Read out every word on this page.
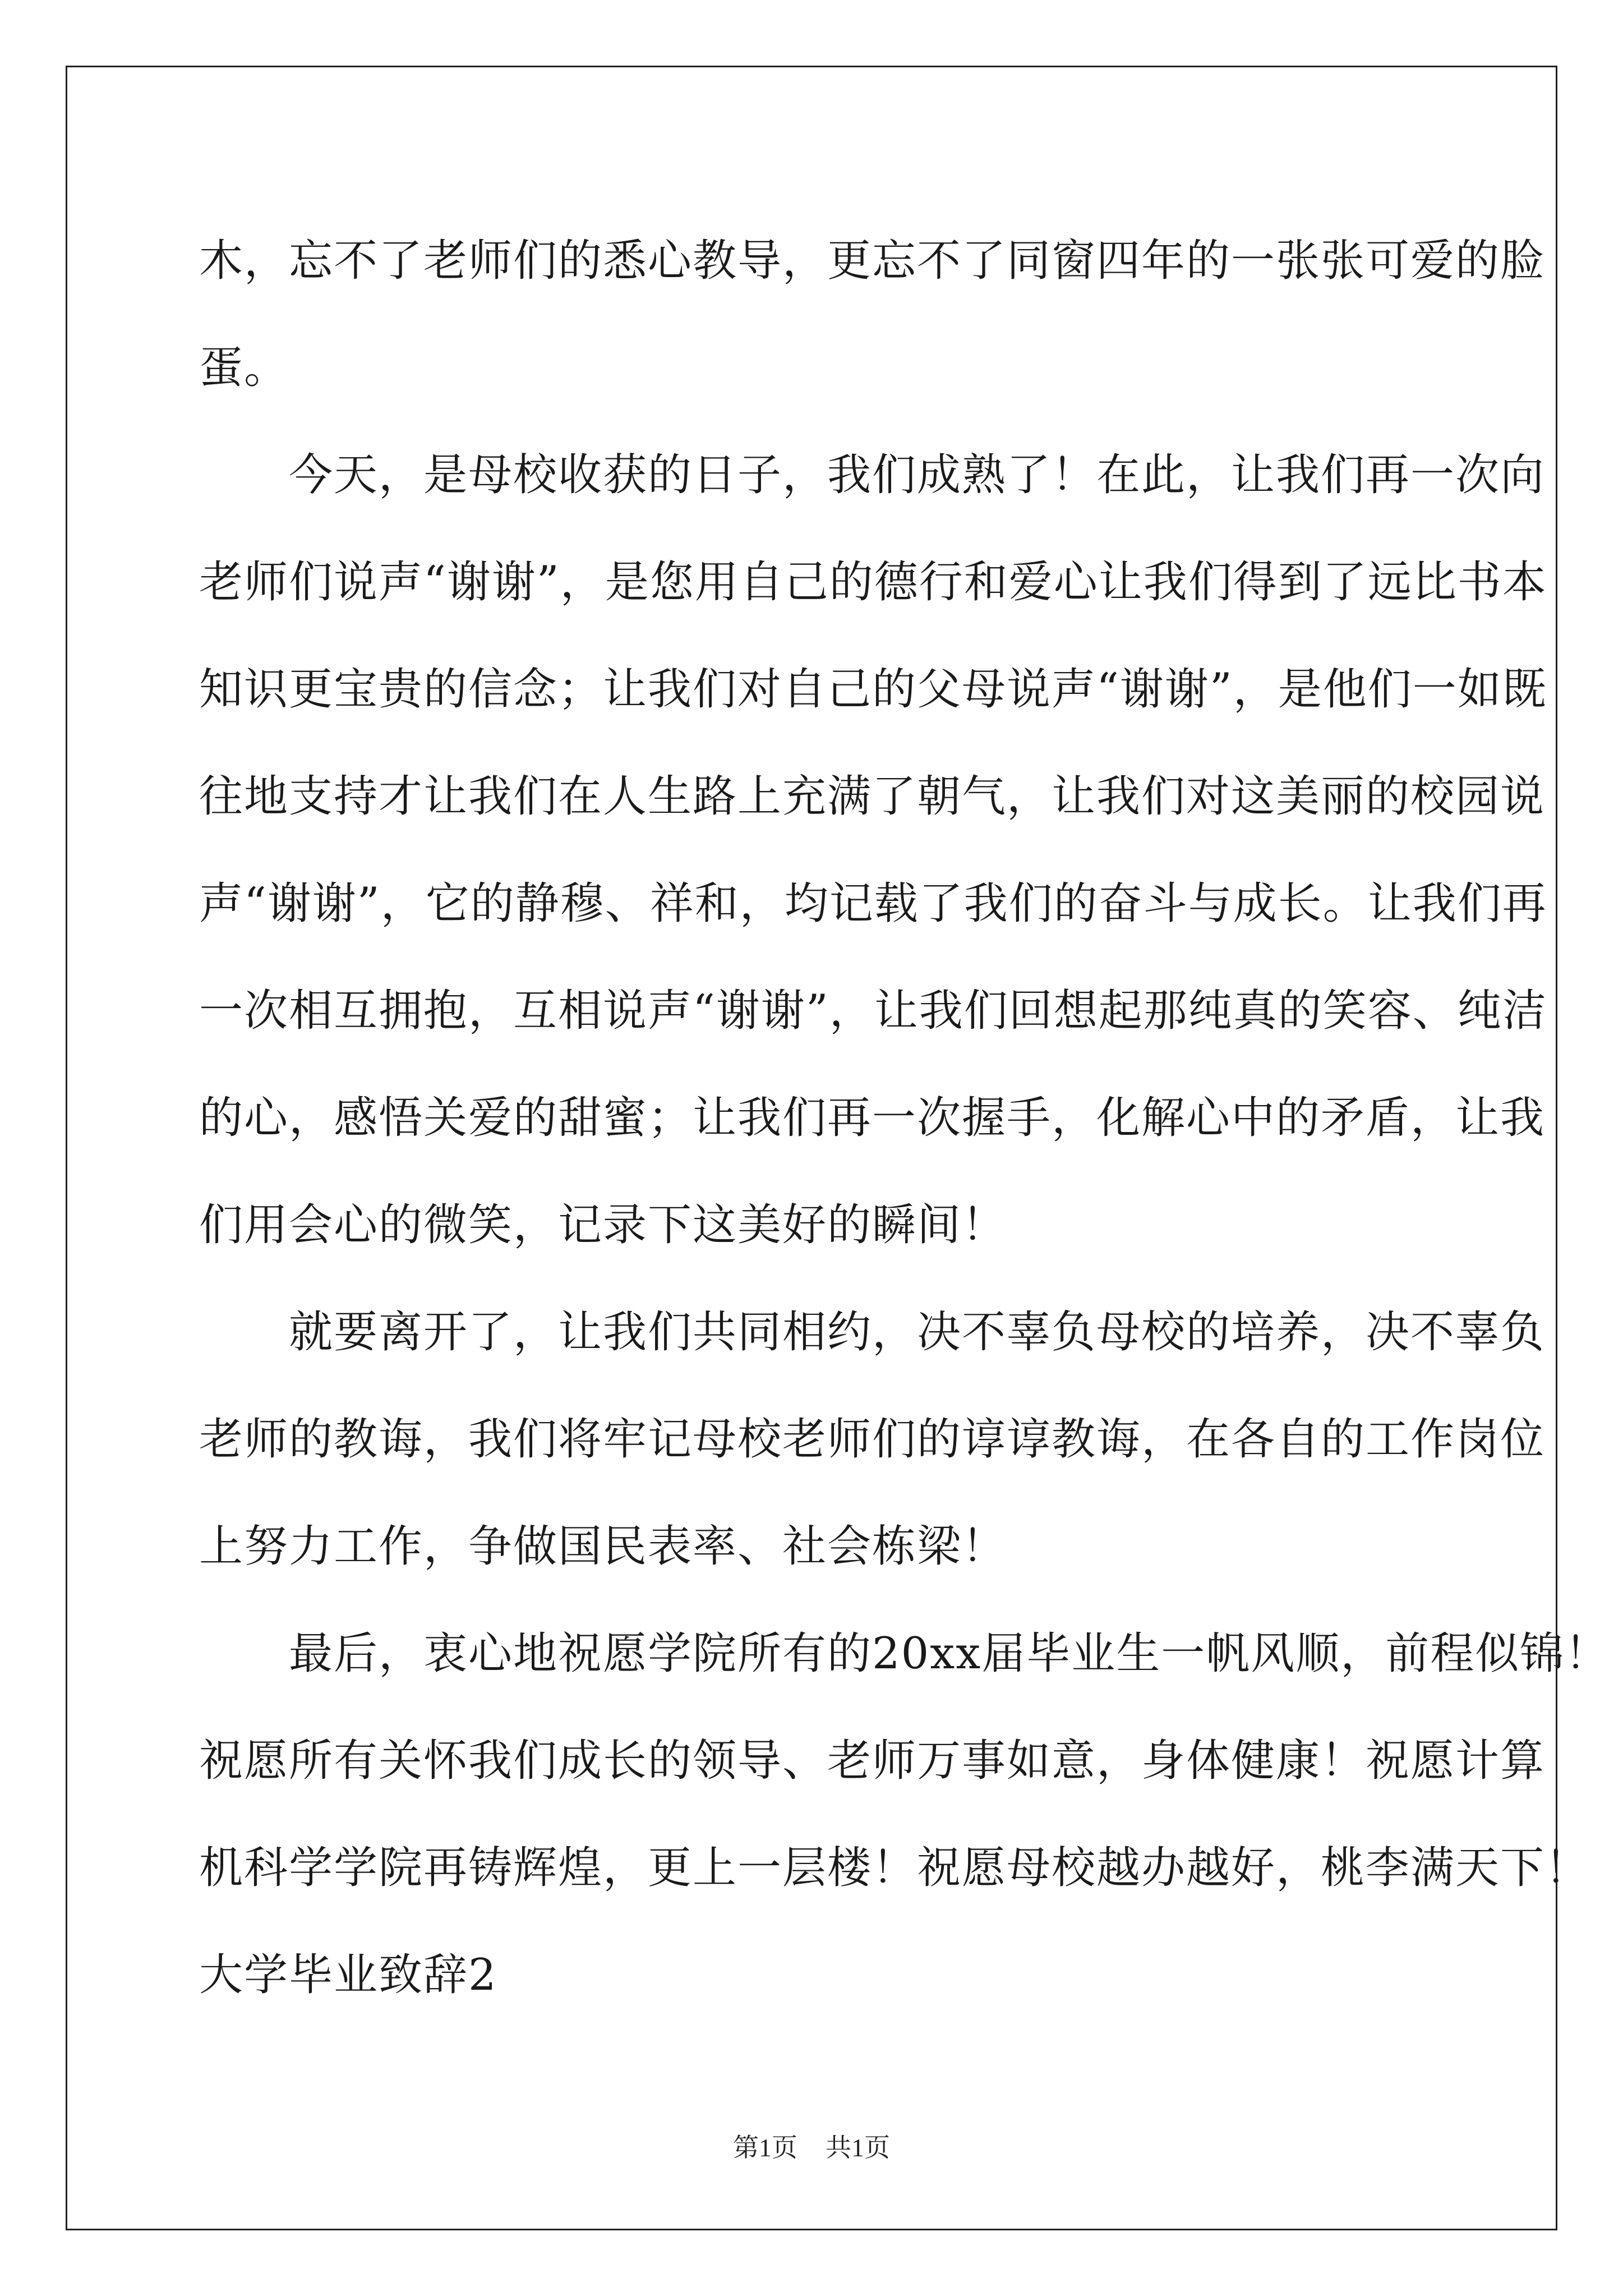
木，忘不了老师们的悉心教导，更忘不了同窗四年的一张张可爱的脸
蛋。
　　今天，是母校收获的日子，我们成熟了！在此，让我们再一次向
老师们说声“谢谢”，是您用自己的德行和爱心让我们得到了远比书本
知识更宝贵的信念；让我们对自己的父母说声“谢谢”，是他们一如既
往地支持才让我们在人生路上充满了朝气，让我们对这美丽的校园说
声“谢谢”，它的静穆、祥和，均记载了我们的奋斗与成长。让我们再
一次相互拥抱，互相说声“谢谢”，让我们回想起那纯真的笑容、纯洁
的心，感悟关爱的甜蜜；让我们再一次握手，化解心中的矛盾，让我
们用会心的微笑，记录下这美好的瞬间！
　　就要离开了，让我们共同相约，决不辜负母校的培养，决不辜负
老师的教诲，我们将牢记母校老师们的谆谆教诲，在各自的工作岗位
上努力工作，争做国民表率、社会栋梁！
　　最后，衷心地祝愿学院所有的20xx届毕业生一帆风顺，前程似锦！
祝愿所有关怀我们成长的领导、老师万事如意，身体健康！祝愿计算
机科学学院再铸辉煌，更上一层楼！祝愿母校越办越好，桃李满天下！
大学毕业致辞2
第1页 共1页
